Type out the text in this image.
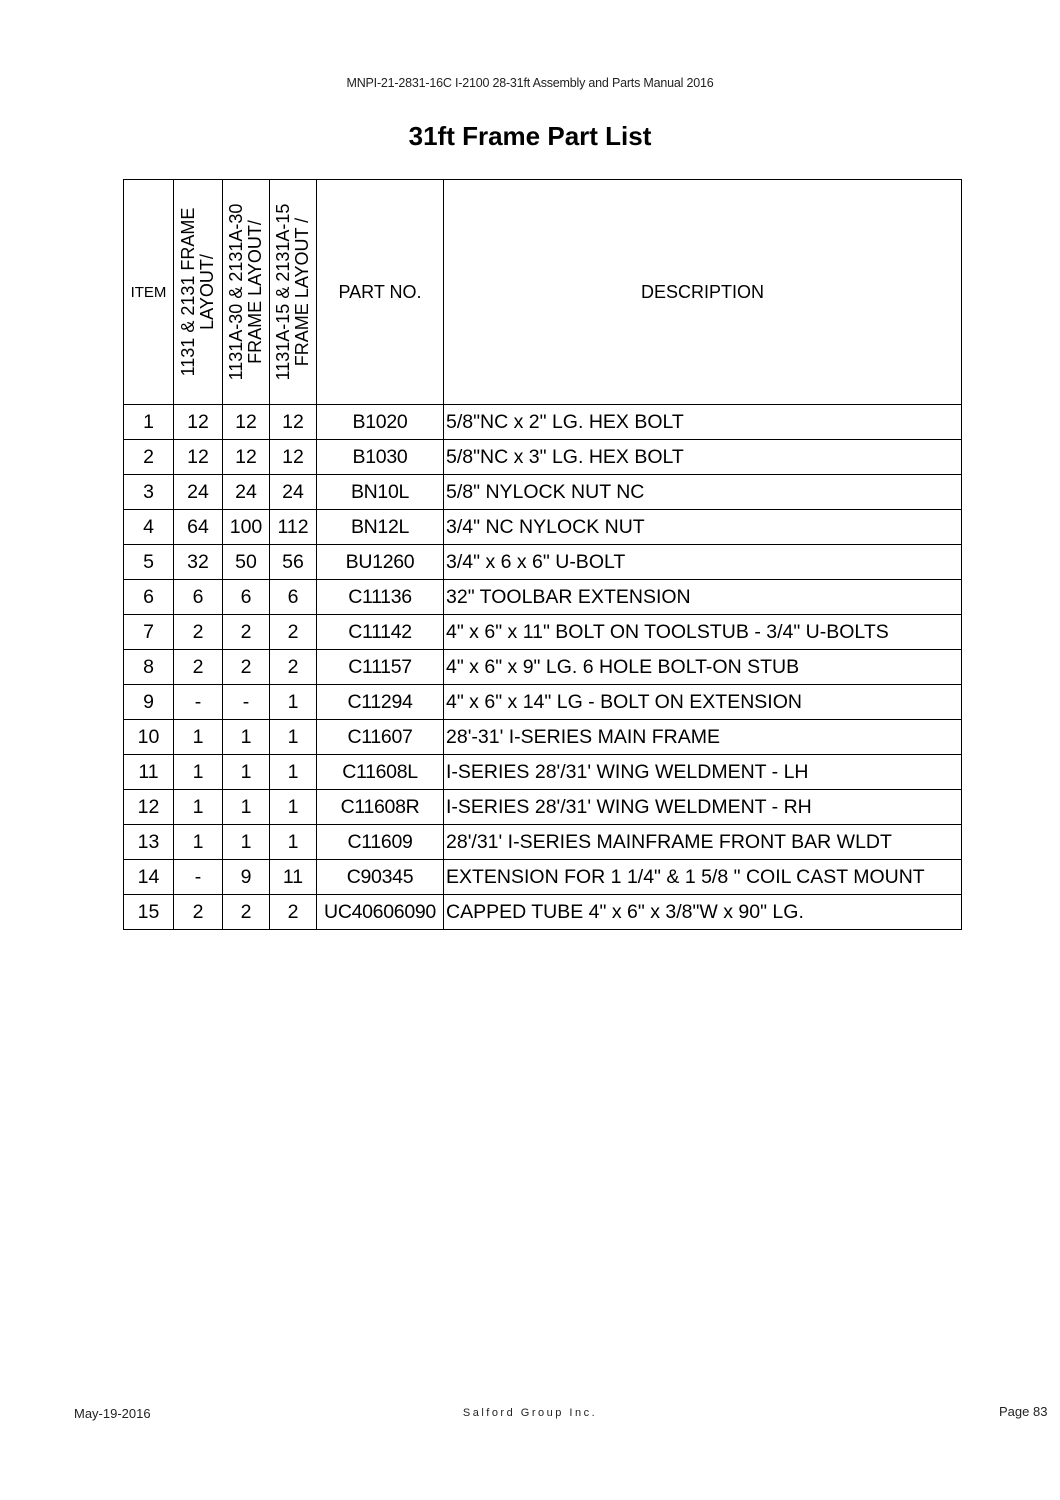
MNPI-21-2831-16C I-2100 28-31ft Assembly and Parts Manual 2016
31ft Frame Part List
ITEM	1131 & 2131 FRAME LAYOUT/	1131A-30 & 2131A-30 FRAME LAYOUT/	1131A-15 & 2131A-15 FRAME LAYOUT /	PART NO.	DESCRIPTION
1	12	12	12	B1020	5/8"NC x 2" LG. HEX BOLT
2	12	12	12	B1030	5/8"NC x 3" LG. HEX BOLT
3	24	24	24	BN10L	5/8" NYLOCK NUT NC
4	64	100	112	BN12L	3/4" NC NYLOCK NUT
5	32	50	56	BU1260	3/4" x 6 x 6" U-BOLT
6	6	6	6	C11136	32" TOOLBAR EXTENSION
7	2	2	2	C11142	4" x 6" x 11" BOLT ON TOOLSTUB - 3/4" U-BOLTS
8	2	2	2	C11157	4" x 6" x 9" LG. 6 HOLE BOLT-ON STUB
9	-	-	1	C11294	4" x 6" x 14" LG - BOLT ON EXTENSION
10	1	1	1	C11607	28'-31' I-SERIES MAIN FRAME
11	1	1	1	C11608L	I-SERIES 28'/31' WING WELDMENT - LH
12	1	1	1	C11608R	I-SERIES 28'/31' WING WELDMENT - RH
13	1	1	1	C11609	28'/31' I-SERIES MAINFRAME FRONT BAR WLDT
14	-	9	11	C90345	EXTENSION FOR 1 1/4" & 1 5/8 " COIL CAST MOUNT
15	2	2	2	UC40606090	CAPPED TUBE 4" x 6" x 3/8"W x 90" LG.
May-19-2016	Salford Group Inc.	Page 83
